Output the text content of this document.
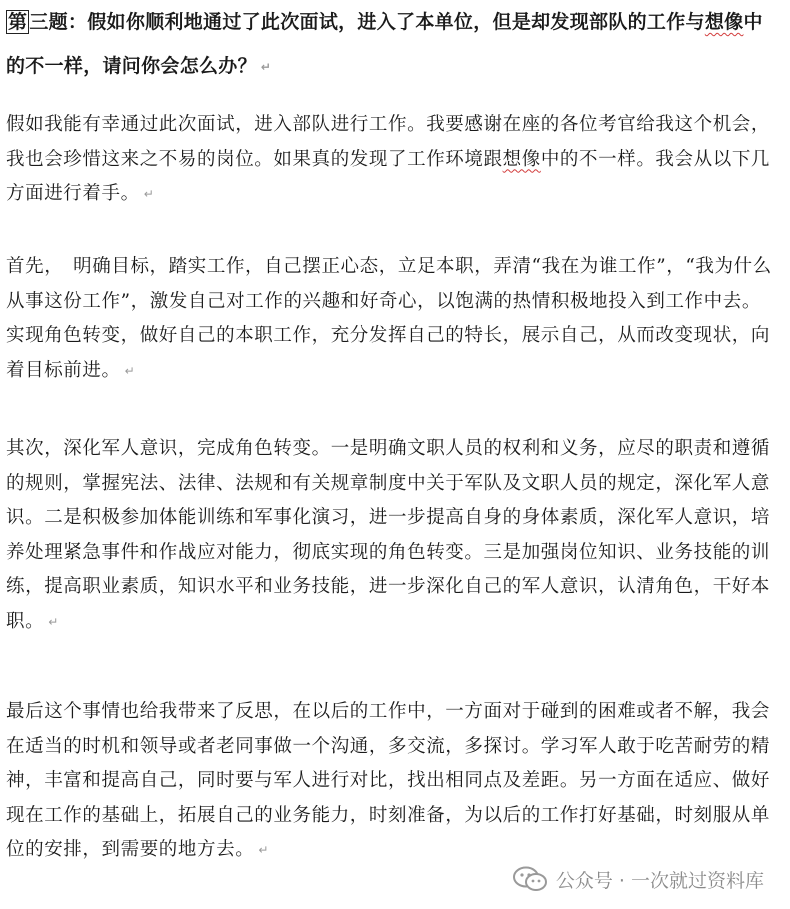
第 三题：假如你顺利地通过了此次面试，进入了本单位，但是却发现部队的工作与想像中的不一样，请问你会怎么办？ ↵

假如我能有幸通过此次面试，进入部队进行工作。我要感谢在座的各位考官给我这个机会，我也会珍惜这来之不易的岗位。如果真的发现了工作环境跟想像中的不一样。我会从以下几方面进行着手。 ↵

首先，　明确目标，踏实工作，自己摆正心态，立足本职，弄清“我在为谁工作”，“我为什么从事这份工作”，激发自己对工作的兴趣和好奇心，以饱满的热情积极地投入到工作中去。实现角色转变，做好自己的本职工作，充分发挥自己的特长，展示自己，从而改变现状，向着目标前进。 ↵

其次，深化军人意识，完成角色转变。一是明确文职人员的权利和义务，应尽的职责和遵循的规则，掌握宪法、法律、法规和有关规章制度中关于军队及文职人员的规定，深化军人意识。二是积极参加体能训练和军事化演习，进一步提高自身的身体素质，深化军人意识，培养处理紧急事件和作战应对能力，彻底实现的角色转变。三是加强岗位知识、业务技能的训练，提高职业素质，知识水平和业务技能，进一步深化自己的军人意识，认清角色，干好本职。 ↵

最后这个事情也给我带来了反思，在以后的工作中，一方面对于碰到的困难或者不解，我会在适当的时机和领导或者老同事做一个沟通，多交流，多探讨。学习军人敢于吃苦耐劳的精神，丰富和提高自己，同时要与军人进行对比，找出相同点及差距。另一方面在适应、做好现在工作的基础上，拓展自己的业务能力，时刻准备，为以后的工作打好基础，时刻服从单位的安排，到需要的地方去。 ↵

公众号 · 一次就过资料库
